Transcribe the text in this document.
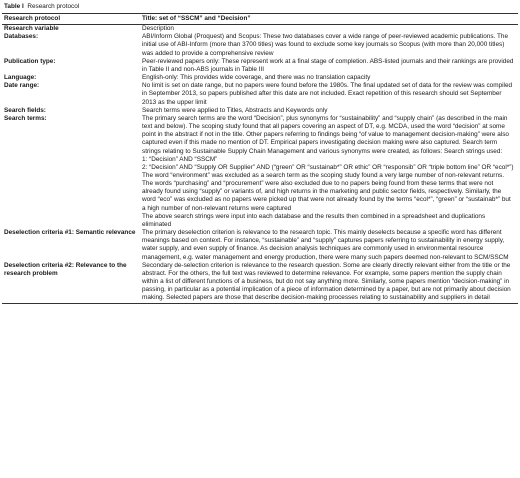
Table I Research protocol
Research protocol	Title: set of “SSCM” and “Decision”
Research variable	Description

Databases:	ABI/Inform Global (Proquest) and Scopus: These two databases cover a wide range of peer-reviewed academic publications. The initial use of ABI-Inform (more than 3700 titles) was found to exclude some key journals so Scopus (with more than 20,000 titles) was added to provide a comprehensive review

Publication type:	Peer-reviewed papers only: These represent work at a final stage of completion. ABS-listed journals and their rankings are provided in Table II and non-ABS journals in Table III

Language:	English-only: This provides wide coverage, and there was no translation capacity

Date range:	No limit is set on date range, but no papers were found before the 1980s. The final updated set of data for the review was compiled in September 2013, so papers published after this date are not included. Exact repetition of this research should set September 2013 as the upper limit

Search fields:	Search terms were applied to Titles, Abstracts and Keywords only

Search terms:	The primary search terms are the word “Decision”, plus synonyms for “sustainability” and “supply chain” (as described in the main text and below). The scoping study found that all papers covering an aspect of DT, e.g. MCDA, used the word “decision” at some point in the abstract if not in the title. Other papers referring to findings being “of value to management decision-making” were also captured even if this made no mention of DT. Empirical papers investigating decision making were also captured. Search term strings relating to Sustainable Supply Chain Management and various synonyms were created, as follows: Search strings used:
1: “Decision” AND “SSCM”
2: “Decision” AND “Supply OR Supplier” AND (“green” OR “sustainab*” OR ethic” OR “responsib” OR “triple bottom line” OR “ecol*”)
The word “environment” was excluded as a search term as the scoping study found a very large number of non-relevant returns. The words “purchasing” and “procurement” were also excluded due to no papers being found from these terms that were not already found using “supply” or variants of, and high returns in the marketing and public sector fields, respectively. Similarly, the word “eco” was excluded as no papers were picked up that were not already found by the terms “ecol*”, “green” or “sustainab*” but a high number of non-relevant returns were captured
The above search strings were input into each database and the results then combined in a spreadsheet and duplications eliminated

Deselection criteria #1: Semantic relevance	The primary deselection criterion is relevance to the research topic. This mainly deselects because a specific word has different meanings based on context. For instance, “sustainable” and “supply” captures papers referring to sustainability in energy supply, water supply, and even supply of finance. As decision analysis techniques are commonly used in environmental resource management, e.g. water management and energy production, there were many such papers deemed non-relevant to SCM/SSCM

Deselection criteria #2: Relevance to the research problem	Secondary de-selection criterion is relevance to the research question. Some are clearly directly relevant either from the title or the abstract. For the others, the full text was reviewed to determine relevance. For example, some papers mention the supply chain within a list of different functions of a business, but do not say anything more. Similarly, some papers mention “decision-making” in passing, in particular as a potential implication of a piece of information determined by a paper, but are not primarily about decision making. Selected papers are those that describe decision-making processes relating to sustainability and suppliers in detail
